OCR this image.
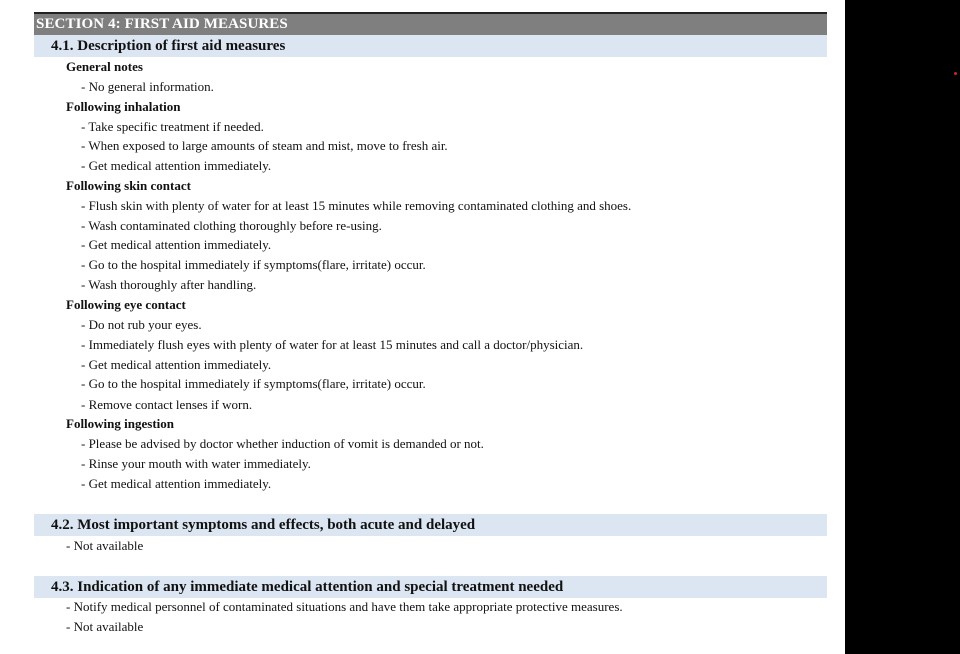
SECTION 4: FIRST AID MEASURES
4.1. Description of first aid measures
General notes
- No general information.
Following inhalation
- Take specific treatment if needed.
- When exposed to large amounts of steam and mist, move to fresh air.
- Get medical attention immediately.
Following skin contact
- Flush skin with plenty of water for at least 15 minutes while removing contaminated clothing and shoes.
- Wash contaminated clothing thoroughly before re-using.
- Get medical attention immediately.
- Go to the hospital immediately if symptoms(flare, irritate) occur.
- Wash thoroughly after handling.
Following eye contact
- Do not rub your eyes.
- Immediately flush eyes with plenty of water for at least 15 minutes and call a doctor/physician.
- Get medical attention immediately.
- Go to the hospital immediately if symptoms(flare, irritate) occur.
- Remove contact lenses if worn.
Following ingestion
- Please be advised by doctor whether induction of vomit is demanded or not.
- Rinse your mouth with water immediately.
- Get medical attention immediately.
4.2. Most important symptoms and effects, both acute and delayed
- Not available
4.3. Indication of any immediate medical attention and special treatment needed
- Notify medical personnel of contaminated situations and have them take appropriate protective measures.
- Not available
